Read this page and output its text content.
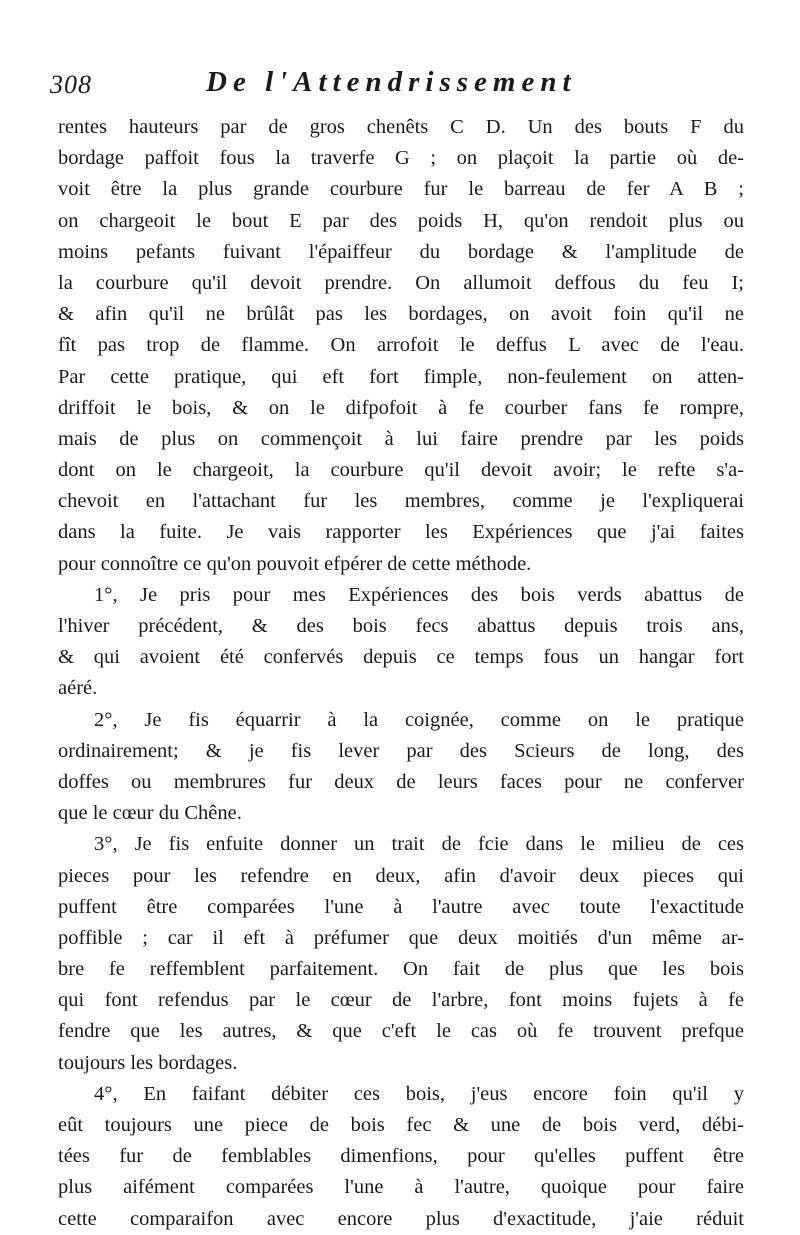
308	De l'Attendrissement
rentes hauteurs par de gros chenêts C D. Un des bouts F du
bordage paffoit fous la traverfe G ; on plaçoit la partie où de-
voit être la plus grande courbure fur le barreau de fer A B ;
on chargeoit le bout E par des poids H, qu'on rendoit plus ou
moins pefants fuivant l'épaiffeur du bordage & l'amplitude de
la courbure qu'il devoit prendre. On allumoit deffous du feu I;
& afin qu'il ne brûlât pas les bordages, on avoit foin qu'il ne
fît pas trop de flamme. On arrofoit le deffus L avec de l'eau.
Par cette pratique, qui eft fort fimple, non-feulement on atten-
driffoit le bois, & on le difpofoit à fe courber fans fe rompre,
mais de plus on commençoit à lui faire prendre par les poids
dont on le chargeoit, la courbure qu'il devoit avoir; le refte s'a-
chevoit en l'attachant fur les membres, comme je l'expliquerai
dans la fuite. Je vais rapporter les Expériences que j'ai faites
pour connoître ce qu'on pouvoit efpérer de cette méthode.
1°, Je pris pour mes Expériences des bois verds abattus de
l'hiver précédent, & des bois fecs abattus depuis trois ans,
& qui avoient été confervés depuis ce temps fous un hangar fort
aéré.
2°, Je fis équarrir à la coignée, comme on le pratique
ordinairement; & je fis lever par des Scieurs de long, des
doffes ou membrures fur deux de leurs faces pour ne conferver
que le cœur du Chêne.
3°, Je fis enfuite donner un trait de fcie dans le milieu de ces
pieces pour les refendre en deux, afin d'avoir deux pieces qui
puffent être comparées l'une à l'autre avec toute l'exactitude
poffible ; car il eft à préfumer que deux moitiés d'un même ar-
bre fe reffemblent parfaitement. On fait de plus que les bois
qui font refendus par le cœur de l'arbre, font moins fujets à fe
fendre que les autres, & que c'eft le cas où fe trouvent prefque
toujours les bordages.
4°, En faifant débiter ces bois, j'eus encore foin qu'il y
eût toujours une piece de bois fec & une de bois verd, débi-
tées fur de femblables dimenfions, pour qu'elles puffent être
plus aifément comparées l'une à l'autre, quoique pour faire
cette comparaifon avec encore plus d'exactitude, j'aie réduit
